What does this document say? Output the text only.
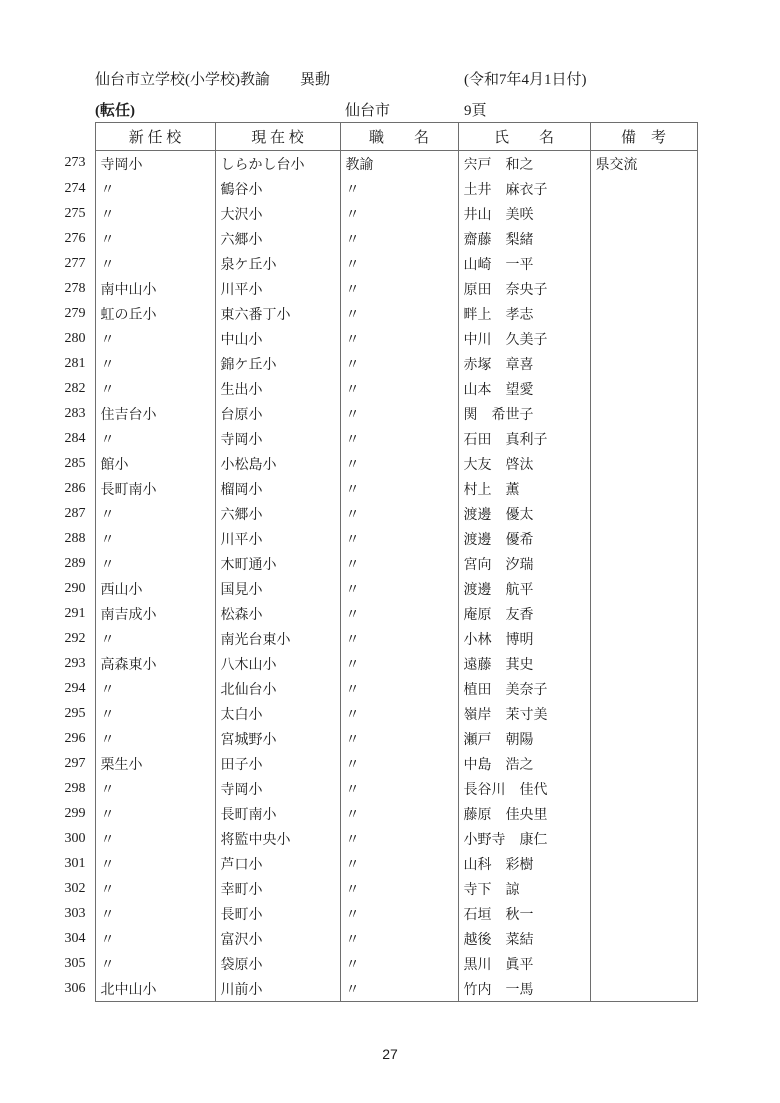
仙台市立学校(小学校)教諭　　異動	(令和7年4月1日付)
(転任)	仙台市	9頁
	新 任 校	現 在 校	職　　名	氏　　名	備　考
273	寺岡小	しらかし台小	教諭	宍戸　和之	県交流
274	〃	鶴谷小	〃	土井　麻衣子	
275	〃	大沢小	〃	井山　美咲	
276	〃	六郷小	〃	齋藤　梨緒	
277	〃	泉ケ丘小	〃	山崎　一平	
278	南中山小	川平小	〃	原田　奈央子	
279	虹の丘小	東六番丁小	〃	畔上　孝志	
280	〃	中山小	〃	中川　久美子	
281	〃	錦ケ丘小	〃	赤塚　章喜	
282	〃	生出小	〃	山本　望愛	
283	住吉台小	台原小	〃	関　希世子	
284	〃	寺岡小	〃	石田　真利子	
285	館小	小松島小	〃	大友　啓汰	
286	長町南小	榴岡小	〃	村上　薫	
287	〃	六郷小	〃	渡邊　優太	
288	〃	川平小	〃	渡邊　優希	
289	〃	木町通小	〃	宮向　汐瑞	
290	西山小	国見小	〃	渡邊　航平	
291	南吉成小	松森小	〃	庵原　友香	
292	〃	南光台東小	〃	小林　博明	
293	高森東小	八木山小	〃	遠藤　萁史	
294	〃	北仙台小	〃	植田　美奈子	
295	〃	太白小	〃	嶺岸　茉寸美	
296	〃	宮城野小	〃	瀬戸　朝陽	
297	栗生小	田子小	〃	中島　浩之	
298	〃	寺岡小	〃	長谷川　佳代	
299	〃	長町南小	〃	藤原　佳央里	
300	〃	将監中央小	〃	小野寺　康仁	
301	〃	芦口小	〃	山科　彩樹	
302	〃	幸町小	〃	寺下　諒	
303	〃	長町小	〃	石垣　秋一	
304	〃	富沢小	〃	越後　菜結	
305	〃	袋原小	〃	黒川　眞平	
306	北中山小	川前小	〃	竹内　一馬	
27
